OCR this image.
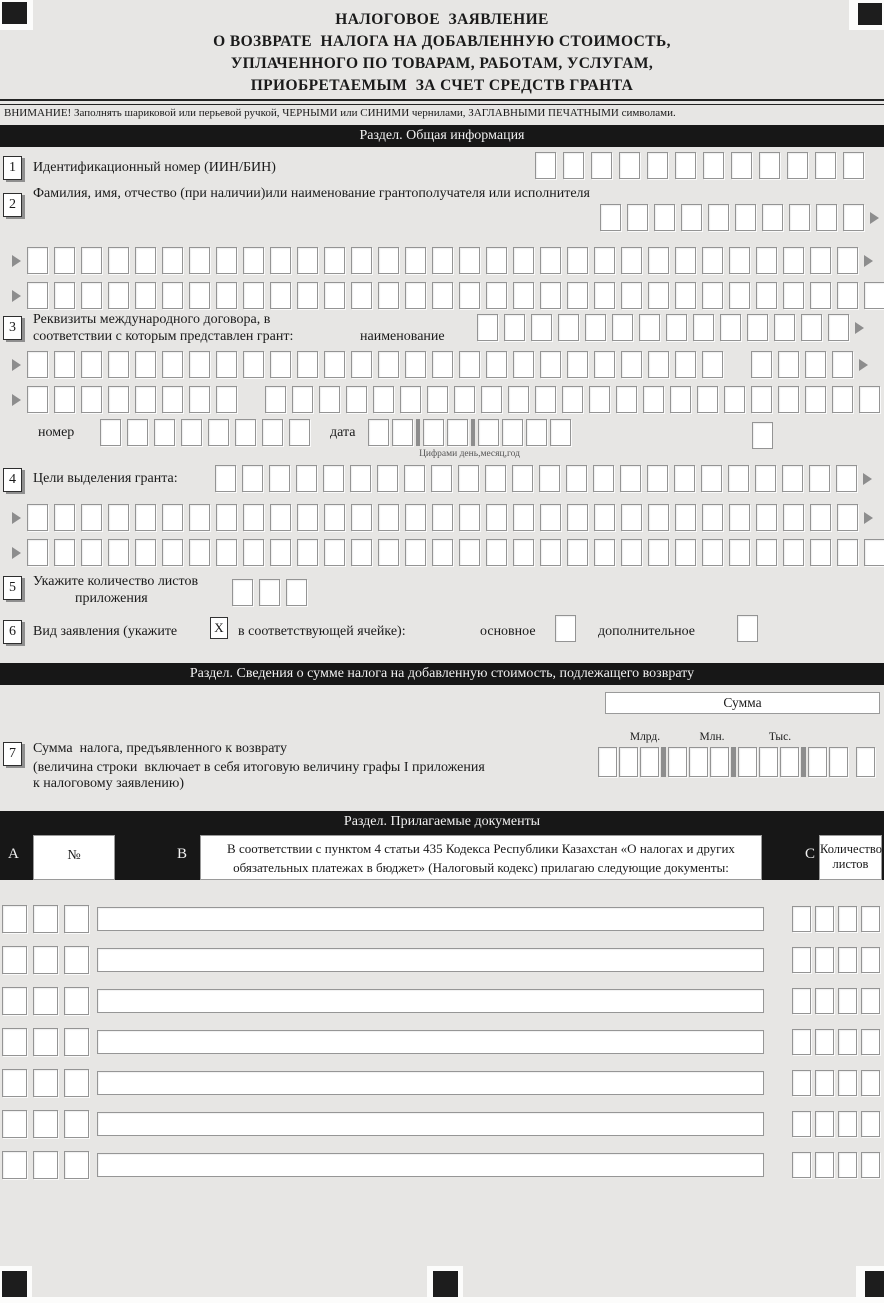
НАЛОГОВОЕ  ЗАЯВЛЕНИЕ
О ВОЗВРАТЕ  НАЛОГА НА ДОБАВЛЕННУЮ СТОИМОСТЬ,
УПЛАЧЕННОГО ПО ТОВАРАМ, РАБОТАМ, УСЛУГАМ,
ПРИОБРЕТАЕМЫМ  ЗА СЧЕТ СРЕДСТВ ГРАНТА
ВНИМАНИЕ! Заполнять шариковой или перьевой ручкой, ЧЕРНЫМИ или СИНИМИ чернилами, ЗАГЛАВНЫМИ ПЕЧАТНЫМИ символами.
Раздел. Общая информация
1	Идентификационный номер (ИИН/БИН)
2
Фамилия, имя, отчество (при наличии)или наименование грантополучателя или исполнителя
3
Реквизиты международного договора, в
соответствии с которым представлен грант:	наименование
номер	дата
Цифрами день,месяц,год
4	Цели выделения гранта:
5	Укажите количество листов
приложения
6	Вид заявления (укажите	X	в соответствующей ячейке):	основное	дополнительное
Раздел. Сведения о сумме налога на добавленную стоимость, подлежащего возврату
Сумма
Млрд.	Млн.	Тыс.
7	Сумма  налога, предъявленного к возврату
(величина строки  включает в себя итоговую величину графы I приложения
к налоговому заявлению)
Раздел. Прилагаемые документы
А	№	В	В соответствии с пунктом 4 статьи 435 Кодекса Республики Казахстан «О налогах и других
обязательных платежах в бюджет» (Налоговый кодекс) прилагаю следующие документы:
С Количество
листов
